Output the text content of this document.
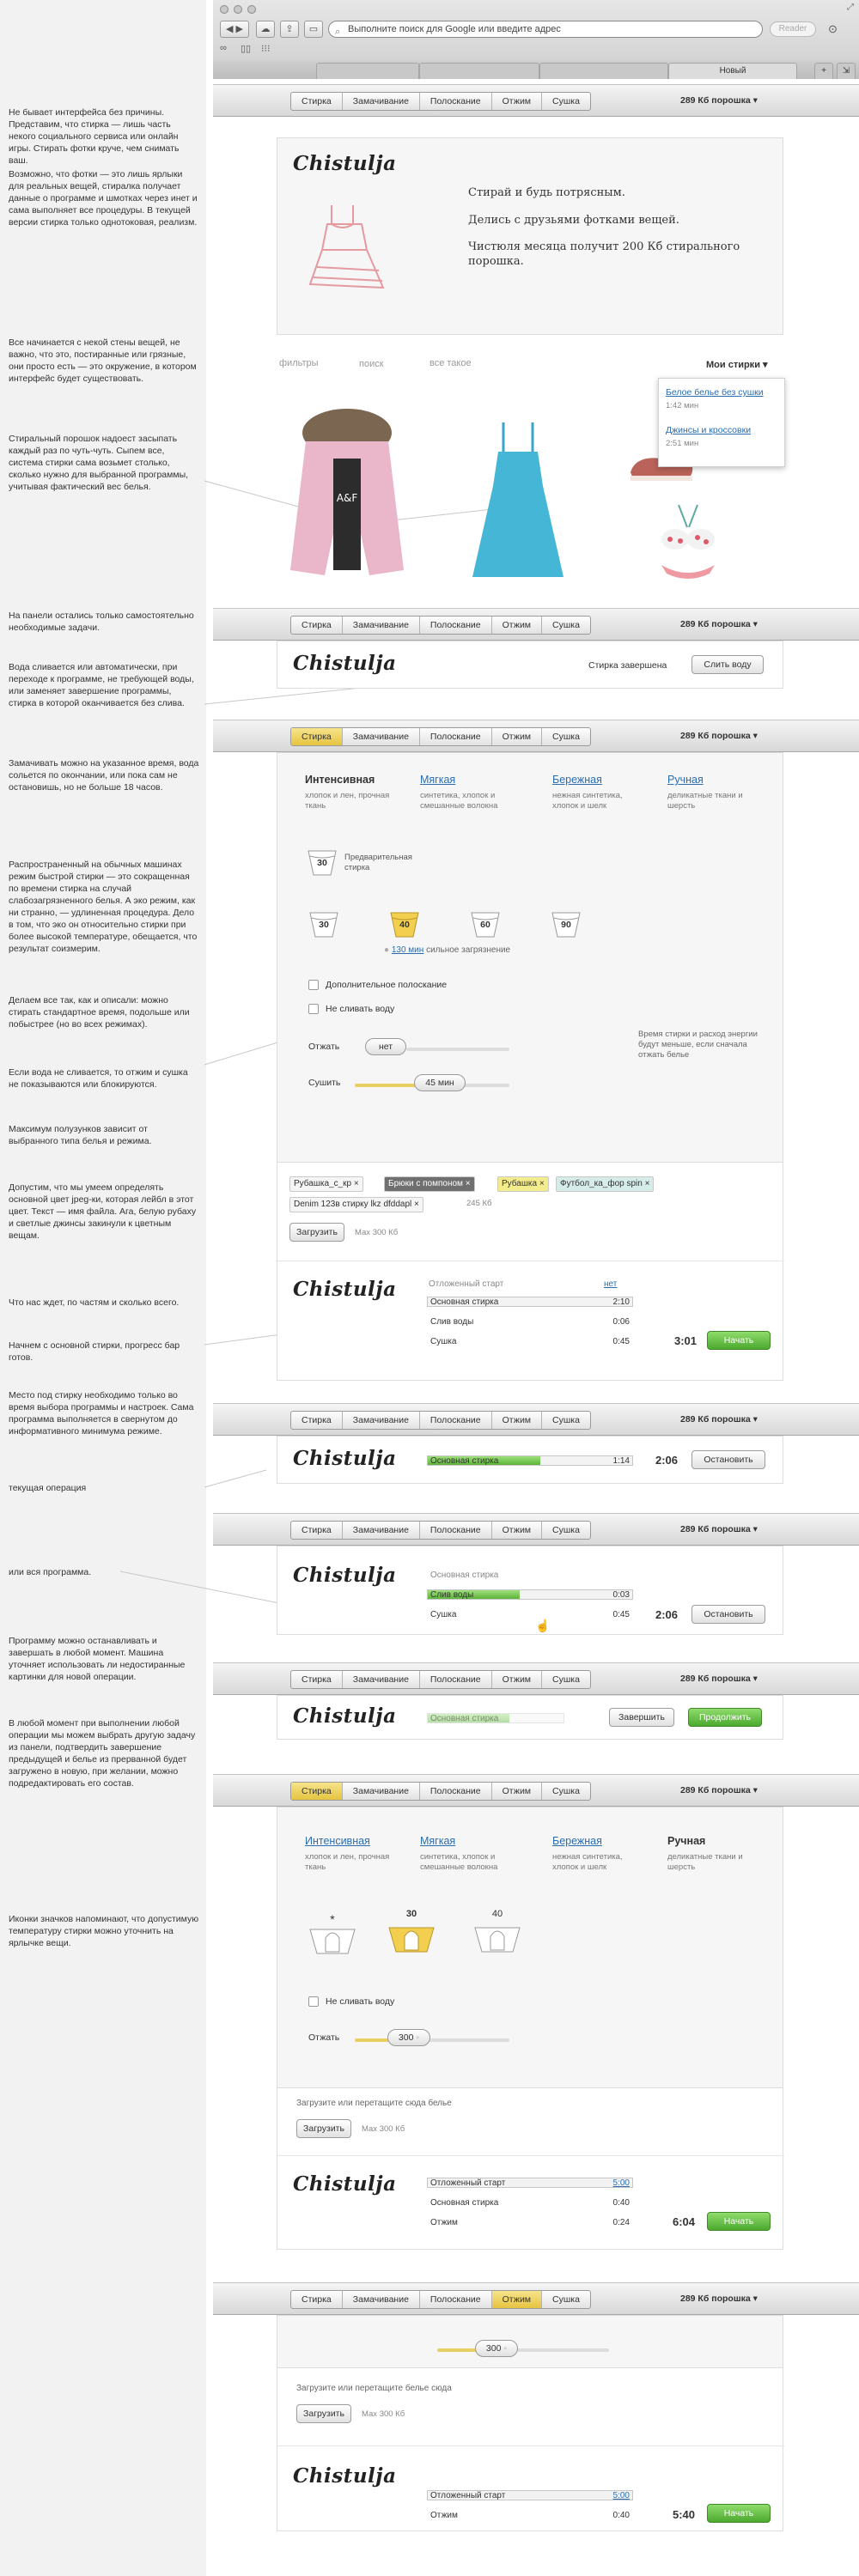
Не бывает интерфейса без причины. Представим, что стирка — лишь часть некого социального сервиса или онлайн игры. Стирать фотки круче, чем снимать ваш.
Возможно, что фотки — это лишь ярлыки для реальных вещей, стиралка получает данные о программе и шмотках через инет и сама выполняет все процедуры. В текущей версии стирка только однотоковая, реализм.
Все начинается с некой стены вещей, не важно, что это, постиранные или грязные, они просто есть — это окружение, в котором интерфейс будет существовать.
Стиральный порошок надоест засыпать каждый раз по чуть-чуть. Сыпем все, система стирки сама возьмет столько, сколько нужно для выбранной программы, учитывая фактический вес белья.
На панели остались только самостоятельно необходимые задачи.
Вода сливается или автоматически, при переходе к программе, не требующей воды, или заменяет завершение программы, стирка в которой оканчивается без слива.
Замачивать можно на указанное время, вода сольется по окончании, или пока сам не остановишь, но не больше 18 часов.
Распространенный на обычных машинах режим быстрой стирки — это сокращенная по времени стирка на случай слабозагрязненного белья. А эко режим, как ни странно, — удлиненная процедура. Дело в том, что эко он относительно стирки при более высокой температуре, обещается, что результат соизмерим.
Делаем все так, как и описали: можно стирать стандартное время, подольше или побыстрее (но во всех режимах).
Если вода не сливается, то отжим и сушка не показываются или блокируются.
Максимум полузунков зависит от выбранного типа белья и режима.
Допустим, что мы умеем определять основной цвет jpeg-ки, которая лейбл в этот цвет. Текст — имя файла. Ага, белую рубаху и светлые джинсы закинули к цветным вещам.
Что нас ждет, по частям и сколько всего.
Начнем с основной стирки, прогресс бар готов.
Место под стирку необходимо только во время выбора программы и настроек. Сама программа выполняется в свернутом до информативного минимума режиме.
текущая операция
или вся программа.
Программу можно останавливать и завершать в любой момент. Машина уточняет использовать ли недостиранные картинки для новой операции.
В любой момент при выполнении любой операции мы можем выбрать другую задачу из панели, подтвердить завершение предыдущей и белье из прерванной будет загружено в новую, при желании, можно подредактировать его состав.
Иконки значков напоминают, что допустимую температуру стирки можно уточнить на ярлычке вещи.
⤢
◀ ▶	☁	⇪	▭	⌕ Выполните поиск для Google или введите адрес	Reader	⊙
∞ ▯▯ ⁝⁝⁝
Новый	+	⇲
Стирка	Замачивание	Полоскание	Отжим	Сушка	289 Кб порошка ▾
Chistulja
Стирай и будь потрясным.
Делись с друзьями фотками вещей.
Чистюля месяца получит 200 Кб стирального порошка.
фильтры	поиск	все такое	Мои стирки ▾
A&F
Белое белье без сушки
1:42 мин
Джинсы и кроссовки
2:51 мин
Стирка	Замачивание	Полоскание	Отжим	Сушка	289 Кб порошка ▾
Chistulja	Стирка завершена	Слить воду
Стирка	Замачивание	Полоскание	Отжим	Сушка	289 Кб порошка ▾
Интенсивная
хлопок и лен, прочная ткань
Мягкая
синтетика, хлопок и смешанные волокна
Бережная
нежная синтетика, хлопок и шелк
Ручная
деликатные ткани и шерсть
30
Предварительная стирка
30	40	60	90
● 130 мин сильное загрязнение
Дополнительное полоскание
Не сливать воду
Отжать	нет
Сушить	45 мин
Время стирки и расход энергии будут меньше, если сначала отжать белье
Рубашка_с_кр ×	Брюки с помпоном ×	Рубашка ×	Футбол_ка_фор spin ×
Denim 123в стирку lkz dfddapl ×	245 Кб
Загрузить	Мах 300 Кб
Chistulja	Отложенный старт	нет
Основная стирка	2:10
Слив воды	0:06
Сушка	0:45	3:01	Начать
Стирка	Замачивание	Полоскание	Отжим	Сушка	289 Кб порошка ▾
Chistulja	Основная стирка	1:14 2:06	Остановить
Стирка	Замачивание	Полоскание	Отжим	Сушка	289 Кб порошка ▾
Chistulja	Основная стирка
Слив воды	0:03
Сушка	0:45 2:06	Остановить
☝
Стирка	Замачивание	Полоскание	Отжим	Сушка	289 Кб порошка ▾
Chistulja	Основная стирка	Завершить	Продолжить
Стирка	Замачивание	Полоскание	Отжим	Сушка	289 Кб порошка ▾
Интенсивная
хлопок и лен, прочная ткань
Мягкая
синтетика, хлопок и смешанные волокна
Бережная
нежная синтетика, хлопок и шелк
Ручная
деликатные ткани и шерсть
*	30	40
Не сливать воду
Отжать	300 ◦
Загрузите или перетащите сюда белье
Загрузить	Мах 300 Кб
Chistulja	Отложенный старт	5:00
Основная стирка	0:40
Отжим	0:24	6:04	Начать
Стирка	Замачивание	Полоскание	Отжим	Сушка	289 Кб порошка ▾
300 ◦
Загрузите или перетащите белье сюда
Загрузить	Мах 300 Кб
Chistulja
Отложенный старт	5:00
Отжим	0:40	5:40	Начать
